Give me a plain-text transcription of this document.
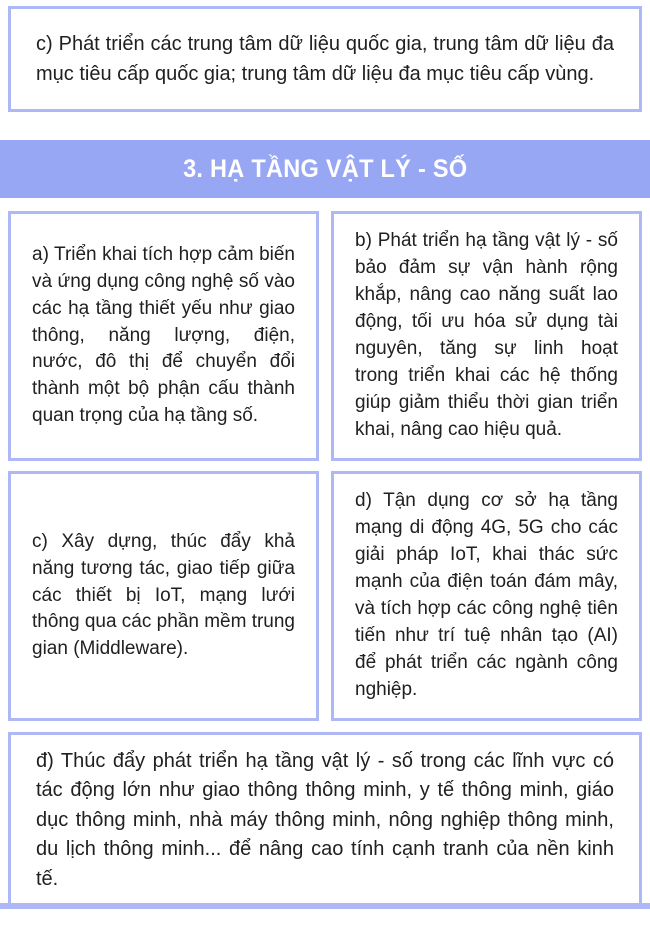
c) Phát triển các trung tâm dữ liệu quốc gia, trung tâm dữ liệu đa mục tiêu cấp quốc gia; trung tâm dữ liệu đa mục tiêu cấp vùng.

3. HẠ TẦNG VẬT LÝ - SỐ

a) Triển khai tích hợp cảm biến và ứng dụng công nghệ số vào các hạ tầng thiết yếu như giao thông, năng lượng, điện, nước, đô thị để chuyển đổi thành một bộ phận cấu thành quan trọng của hạ tầng số.

b) Phát triển hạ tầng vật lý - số bảo đảm sự vận hành rộng khắp, nâng cao năng suất lao động, tối ưu hóa sử dụng tài nguyên, tăng sự linh hoạt trong triển khai các hệ thống giúp giảm thiểu thời gian triển khai, nâng cao hiệu quả.

c) Xây dựng, thúc đẩy khả năng tương tác, giao tiếp giữa các thiết bị IoT, mạng lưới thông qua các phần mềm trung gian (Middleware).

d) Tận dụng cơ sở hạ tầng mạng di động 4G, 5G cho các giải pháp IoT, khai thác sức mạnh của điện toán đám mây, và tích hợp các công nghệ tiên tiến như trí tuệ nhân tạo (AI) để phát triển các ngành công nghiệp.

đ) Thúc đẩy phát triển hạ tầng vật lý - số trong các lĩnh vực có tác động lớn như giao thông thông minh, y tế thông minh, giáo dục thông minh, nhà máy thông minh, nông nghiệp thông minh, du lịch thông minh... để nâng cao tính cạnh tranh của nền kinh tế.
